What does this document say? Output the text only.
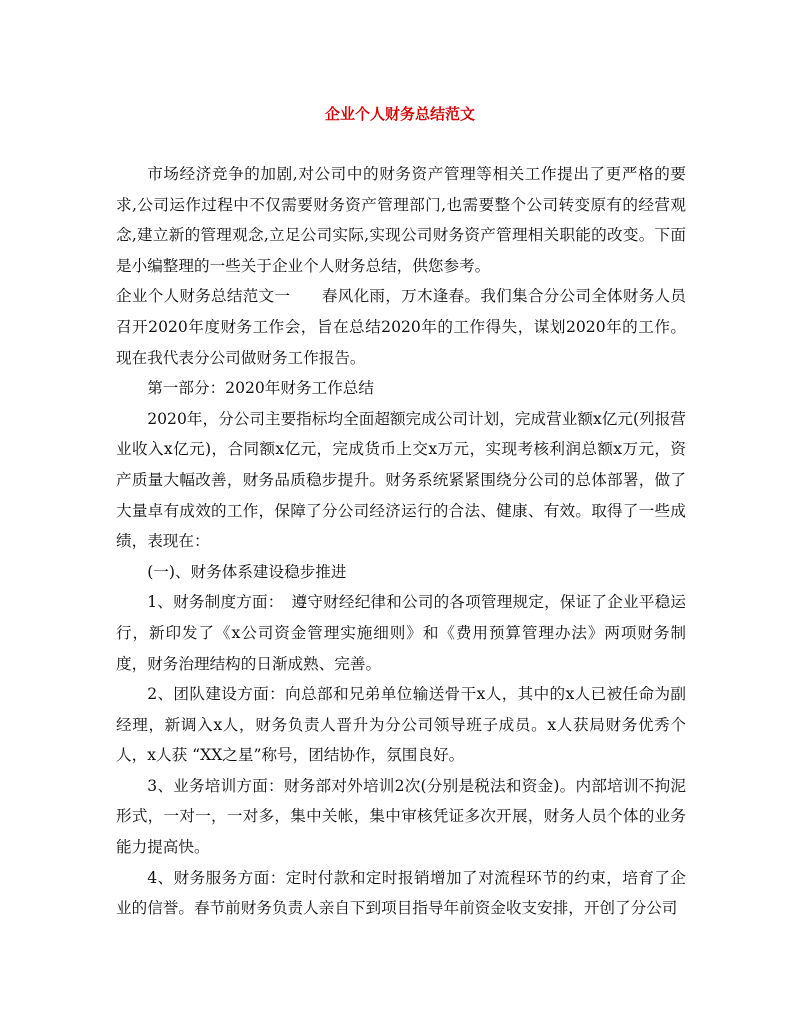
企业个人财务总结范文

市场经济竞争的加剧,对公司中的财务资产管理等相关工作提出了更严格的要求,公司运作过程中不仅需要财务资产管理部门,也需要整个公司转变原有的经营观念,建立新的管理观念,立足公司实际,实现公司财务资产管理相关职能的改变。下面是小编整理的一些关于企业个人财务总结，供您参考。

企业个人财务总结范文一　　春风化雨，万木逢春。我们集合分公司全体财务人员召开2020年度财务工作会，旨在总结2020年的工作得失，谋划2020年的工作。现在我代表分公司做财务工作报告。

第一部分：2020年财务工作总结

2020年，分公司主要指标均全面超额完成公司计划，完成营业额x亿元(列报营业收入x亿元)，合同额x亿元，完成货币上交x万元，实现考核利润总额x万元，资产质量大幅改善，财务品质稳步提升。财务系统紧紧围绕分公司的总体部署，做了大量卓有成效的工作，保障了分公司经济运行的合法、健康、有效。取得了一些成绩，表现在：

(一)、财务体系建设稳步推进

1、财务制度方面：　遵守财经纪律和公司的各项管理规定，保证了企业平稳运行，新印发了《x公司资金管理实施细则》和《费用预算管理办法》两项财务制度，财务治理结构的日渐成熟、完善。

2、团队建设方面：向总部和兄弟单位输送骨干x人，其中的x人已被任命为副经理，新调入x人，财务负责人晋升为分公司领导班子成员。x人获局财务优秀个人，x人获 “XX之星”称号，团结协作，氛围良好。

3、业务培训方面：财务部对外培训2次(分别是税法和资金)。内部培训不拘泥形式，一对一，一对多，集中关帐，集中审核凭证多次开展，财务人员个体的业务能力提高快。

4、财务服务方面：定时付款和定时报销增加了对流程环节的约束，培育了企业的信誉。春节前财务负责人亲自下到项目指导年前资金收支安排，开创了分公司
